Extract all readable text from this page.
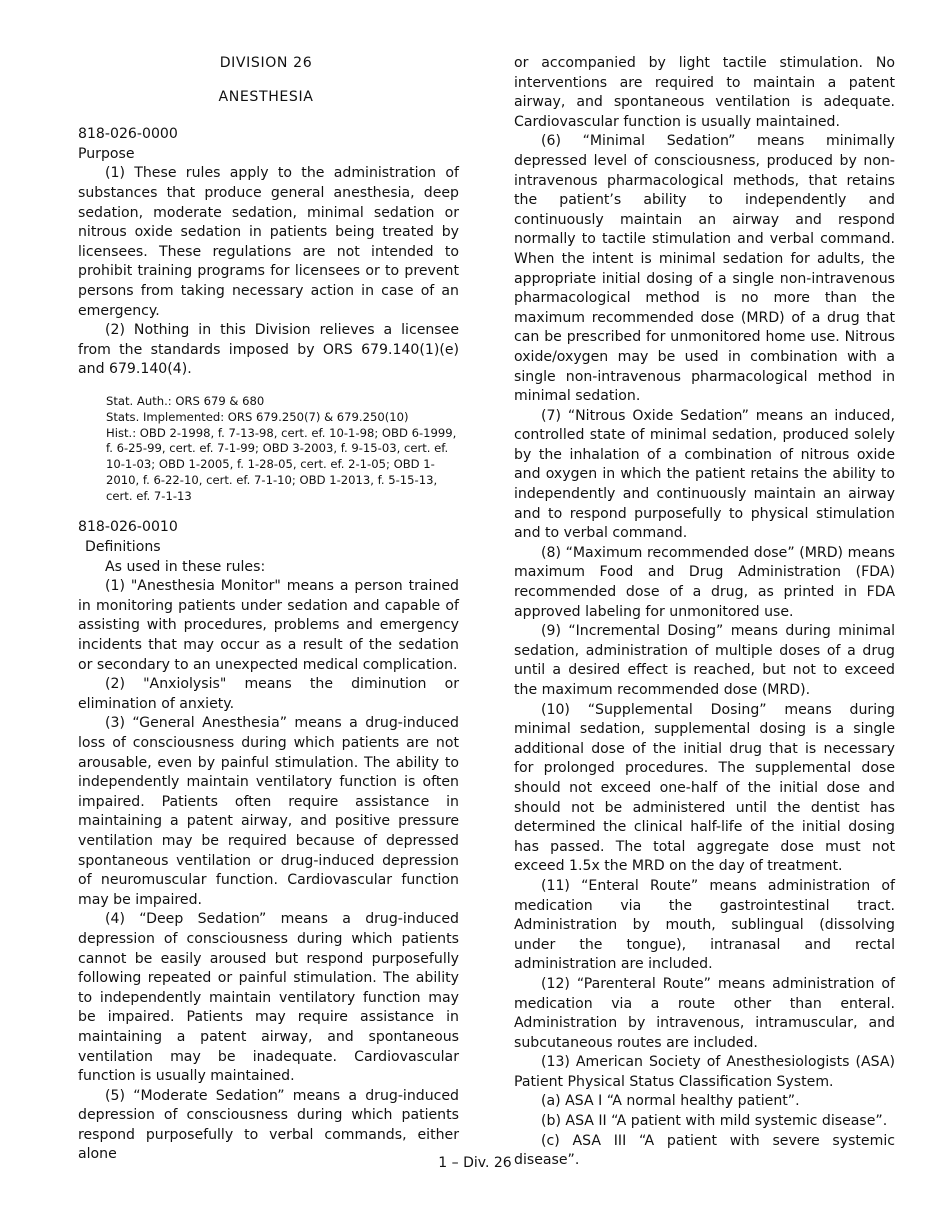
DIVISION 26

ANESTHESIA

818-026-0000

Purpose

(1) These rules apply to the administration of substances that produce general anesthesia, deep sedation, moderate sedation, minimal sedation or nitrous oxide sedation in patients being treated by licensees. These regulations are not intended to prohibit training programs for licensees or to prevent persons from taking necessary action in case of an emergency.

(2) Nothing in this Division relieves a licensee from the standards imposed by ORS 679.140(1)(e) and 679.140(4).

Stat. Auth.: ORS 679 & 680

Stats. Implemented: ORS 679.250(7) & 679.250(10)

Hist.: OBD 2-1998, f. 7-13-98, cert. ef. 10-1-98; OBD 6-1999, f. 6-25-99, cert. ef. 7-1-99; OBD 3-2003, f. 9-15-03, cert. ef. 10-1-03; OBD 1-2005, f. 1-28-05, cert. ef. 2-1-05; OBD 1-2010, f. 6-22-10, cert. ef. 7-1-10; OBD 1-2013, f. 5-15-13, cert. ef. 7-1-13

818-026-0010

Definitions

As used in these rules:

(1) "Anesthesia Monitor" means a person trained in monitoring patients under sedation and capable of assisting with procedures, problems and emergency incidents that may occur as a result of the sedation or secondary to an unexpected medical complication.

(2) "Anxiolysis" means the diminution or elimination of anxiety.

(3) “General Anesthesia” means a drug-induced loss of consciousness during which patients are not arousable, even by painful stimulation. The ability to independently maintain ventilatory function is often impaired. Patients often require assistance in maintaining a patent airway, and positive pressure ventilation may be required because of depressed spontaneous ventilation or drug-induced depression of neuromuscular function. Cardiovascular function may be impaired.

(4) “Deep Sedation” means a drug-induced depression of consciousness during which patients cannot be easily aroused but respond purposefully following repeated or painful stimulation. The ability to independently maintain ventilatory function may be impaired. Patients may require assistance in maintaining a patent airway, and spontaneous ventilation may be inadequate. Cardiovascular function is usually maintained.

(5) “Moderate Sedation” means a drug-induced depression of consciousness during which patients respond purposefully to verbal commands, either alone

or accompanied by light tactile stimulation. No interventions are required to maintain a patent airway, and spontaneous ventilation is adequate. Cardiovascular function is usually maintained.

(6) “Minimal Sedation” means minimally depressed level of consciousness, produced by non-intravenous pharmacological methods, that retains the patient’s ability to independently and continuously maintain an airway and respond normally to tactile stimulation and verbal command. When the intent is minimal sedation for adults, the appropriate initial dosing of a single non-intravenous pharmacological method is no more than the maximum recommended dose (MRD) of a drug that can be prescribed for unmonitored home use. Nitrous oxide/oxygen may be used in combination with a single non-intravenous pharmacological method in minimal sedation.

(7) “Nitrous Oxide Sedation” means an induced, controlled state of minimal sedation, produced solely by the inhalation of a combination of nitrous oxide and oxygen in which the patient retains the ability to independently and continuously maintain an airway and to respond purposefully to physical stimulation and to verbal command.

(8) “Maximum recommended dose” (MRD) means maximum Food and Drug Administration (FDA) recommended dose of a drug, as printed in FDA approved labeling for unmonitored use.

(9) “Incremental Dosing” means during minimal sedation, administration of multiple doses of a drug until a desired effect is reached, but not to exceed the maximum recommended dose (MRD).

(10) “Supplemental Dosing” means during minimal sedation, supplemental dosing is a single additional dose of the initial drug that is necessary for prolonged procedures. The supplemental dose should not exceed one-half of the initial dose and should not be administered until the dentist has determined the clinical half-life of the initial dosing has passed. The total aggregate dose must not exceed 1.5x the MRD on the day of treatment.

(11) “Enteral Route” means administration of medication via the gastrointestinal tract. Administration by mouth, sublingual (dissolving under the tongue), intranasal and rectal administration are included.

(12) “Parenteral Route” means administration of medication via a route other than enteral. Administration by intravenous, intramuscular, and subcutaneous routes are included.

(13) American Society of Anesthesiologists (ASA) Patient Physical Status Classification System.

(a) ASA I “A normal healthy patient”.

(b) ASA II “A patient with mild systemic disease”.

(c) ASA III “A patient with severe systemic disease”.

1 – Div. 26
